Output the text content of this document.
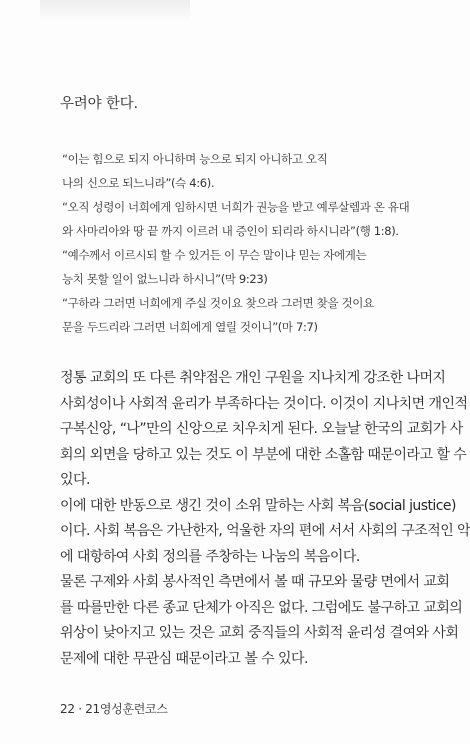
우려야 한다.

“이는 힘으로 되지 아니하며 능으로 되지 아니하고 오직
나의 신으로 되느니라”(슥 4:6).
“오직 성령이 너희에게 임하시면 너희가 권능을 받고 예루살렘과 온 유대
와 사마리아와 땅 끝 까지 이르러 내 증인이 되리라 하시니라”(행 1:8).
“예수께서 이르시되 할 수 있거든 이 무슨 말이냐 믿는 자에게는
능치 못할 일이 없느니라 하시니”(막 9:23)
“구하라 그러면 너희에게 주실 것이요 찾으라 그러면 찾을 것이요
문을 두드리라 그러면 너희에게 열릴 것이니”(마 7:7)
정통 교회의 또 다른 취약점은 개인 구원을 지나치게 강조한 나머지
사회성이나 사회적 윤리가 부족하다는 것이다. 이것이 지나치면 개인적
구복신앙, “나”만의 신앙으로 치우치게 된다. 오늘날 한국의 교회가 사
회의 외면을 당하고 있는 것도 이 부분에 대한 소홀함 때문이라고 할 수
있다.
이에 대한 반동으로 생긴 것이 소위 말하는 사회 복음(social justice)
이다. 사회 복음은 가난한자, 억울한 자의 편에 서서 사회의 구조적인 악
에 대항하여 사회 정의를 주창하는 나눔의 복음이다.
물론 구제와 사회 봉사적인 측면에서 볼 때 규모와 물량 면에서 교회
를 따를만한 다른 종교 단체가 아직은 없다. 그럼에도 불구하고 교회의
위상이 낮아지고 있는 것은 교회 중직들의 사회적 윤리성 결여와 사회
문제에 대한 무관심 때문이라고 볼 수 있다.

22 · 21영성훈련코스
